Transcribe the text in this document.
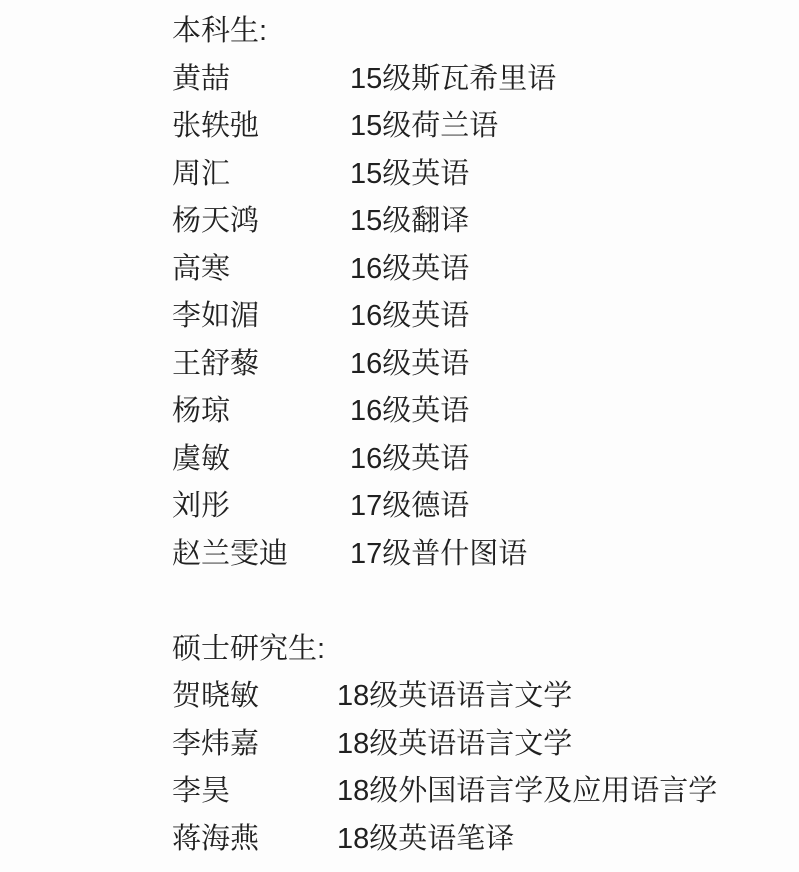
本科生:
黄喆	15级斯瓦希里语
张轶弛	15级荷兰语
周汇	15级英语
杨天鸿	15级翻译
高寒	16级英语
李如湄	16级英语
王舒藜	16级英语
杨琼	16级英语
虞敏	16级英语
刘彤	17级德语
赵兰雯迪	17级普什图语
硕士研究生:
贺晓敏	18级英语语言文学
李炜嘉	18级英语语言文学
李昊	18级外国语言学及应用语言学
蒋海燕	18级英语笔译
